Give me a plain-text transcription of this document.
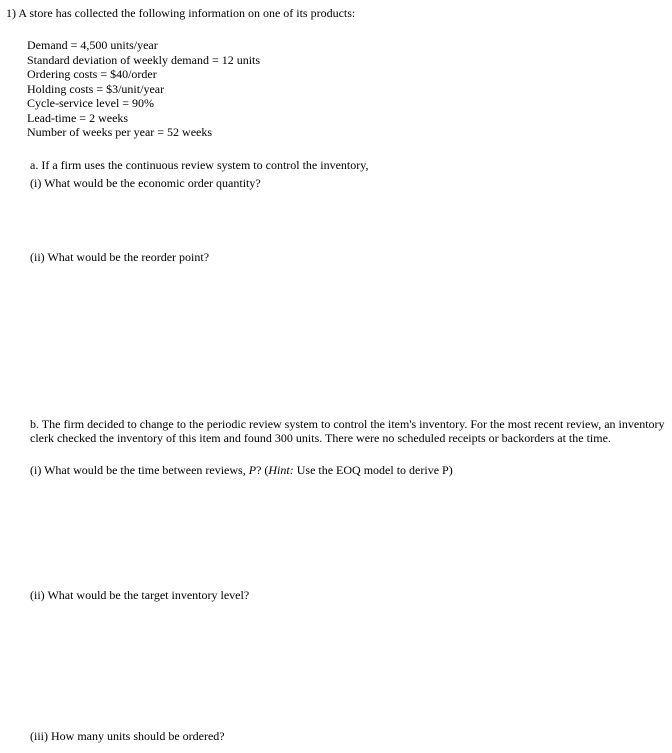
1) A store has collected the following information on one of its products:
Demand = 4,500 units/year
Standard deviation of weekly demand = 12 units
Ordering costs = $40/order
Holding costs = $3/unit/year
Cycle-service level = 90%
Lead-time = 2 weeks
Number of weeks per year = 52 weeks
a. If a firm uses the continuous review system to control the inventory,
(i) What would be the economic order quantity?
(ii) What would be the reorder point?
b. The firm decided to change to the periodic review system to control the item's inventory. For the most recent review, an inventory clerk checked the inventory of this item and found 300 units. There were no scheduled receipts or backorders at the time.
(i) What would be the time between reviews, P? (Hint: Use the EOQ model to derive P)
(ii) What would be the target inventory level?
(iii) How many units should be ordered?
